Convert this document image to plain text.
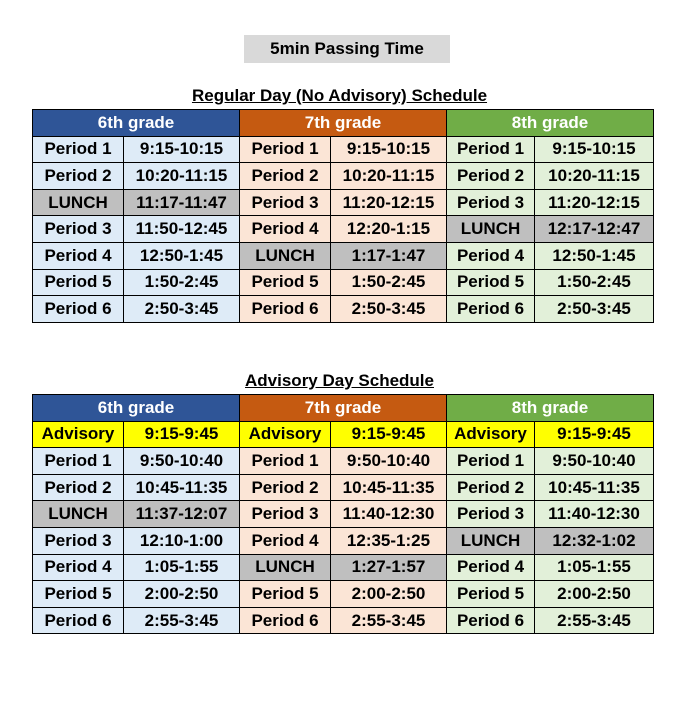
5min Passing Time
Regular Day (No Advisory) Schedule
6th grade		7th grade		8th grade	
Period 1	9:15-10:15	Period 1	9:15-10:15	Period 1	9:15-10:15
Period 2	10:20-11:15	Period 2	10:20-11:15	Period 2	10:20-11:15
LUNCH	11:17-11:47	Period 3	11:20-12:15	Period 3	11:20-12:15
Period 3	11:50-12:45	Period 4	12:20-1:15	LUNCH	12:17-12:47
Period 4	12:50-1:45	LUNCH	1:17-1:47	Period 4	12:50-1:45
Period 5	1:50-2:45	Period 5	1:50-2:45	Period 5	1:50-2:45
Period 6	2:50-3:45	Period 6	2:50-3:45	Period 6	2:50-3:45
Advisory Day Schedule
6th grade		7th grade		8th grade	
Advisory	9:15-9:45	Advisory	9:15-9:45	Advisory	9:15-9:45
Period 1	9:50-10:40	Period 1	9:50-10:40	Period 1	9:50-10:40
Period 2	10:45-11:35	Period 2	10:45-11:35	Period 2	10:45-11:35
LUNCH	11:37-12:07	Period 3	11:40-12:30	Period 3	11:40-12:30
Period 3	12:10-1:00	Period 4	12:35-1:25	LUNCH	12:32-1:02
Period 4	1:05-1:55	LUNCH	1:27-1:57	Period 4	1:05-1:55
Period 5	2:00-2:50	Period 5	2:00-2:50	Period 5	2:00-2:50
Period 6	2:55-3:45	Period 6	2:55-3:45	Period 6	2:55-3:45
